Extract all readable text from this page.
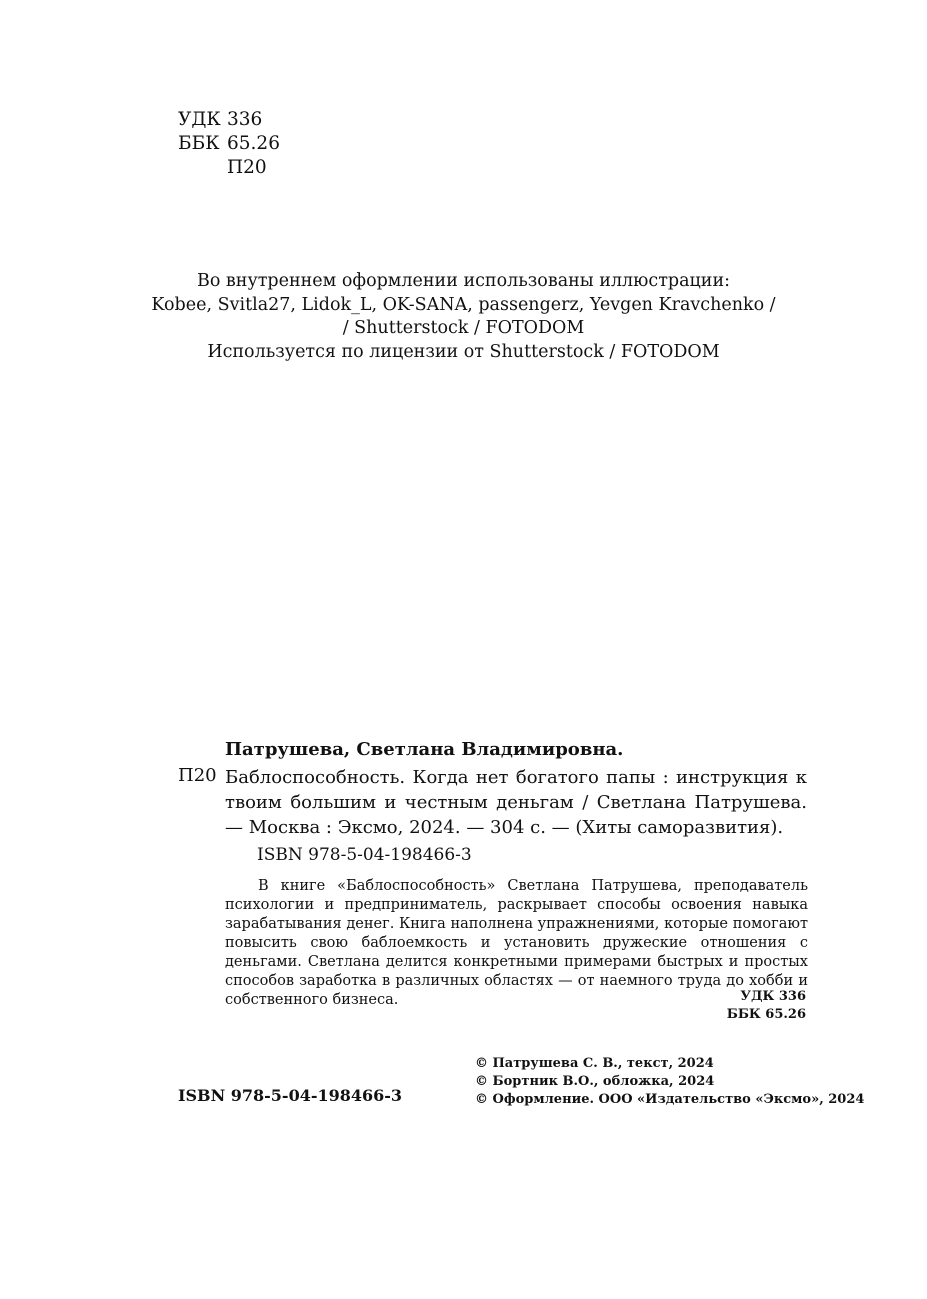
УДК 336
ББК 65.26
П20
Во внутреннем оформлении использованы иллюстрации:
Kobee, Svitla27, Lidok_L, OK-SANA, passengerz, Yevgen Kravchenko /
/ Shutterstock / FOTODOM
Используется по лицензии от Shutterstock / FOTODOM
Патрушева, Светлана Владимировна.
П20 Баблоспособность. Когда нет богатого папы : инструкция к твоим большим и честным деньгам / Светлана Патрушева. — Москва : Эксмо, 2024. — 304 с. — (Хиты саморазвития).
ISBN 978-5-04-198466-3
В книге «Баблоспособность» Светлана Патрушева, преподаватель психологии и предприниматель, раскрывает способы освоения навыка зарабатывания денег. Книга наполнена упражнениями, которые помогают повысить свою баблоемкость и установить дружеские отношения с деньгами. Светлана делится конкретными примерами быстрых и простых способов заработка в различных областях — от наемного труда до хобби и собственного бизнеса.	УДК 336
ББК 65.26
© Патрушева С. В., текст, 2024
© Бортник В.О., обложка, 2024
© Оформление. ООО «Издательство «Эксмо», 2024
ISBN 978-5-04-198466-3
